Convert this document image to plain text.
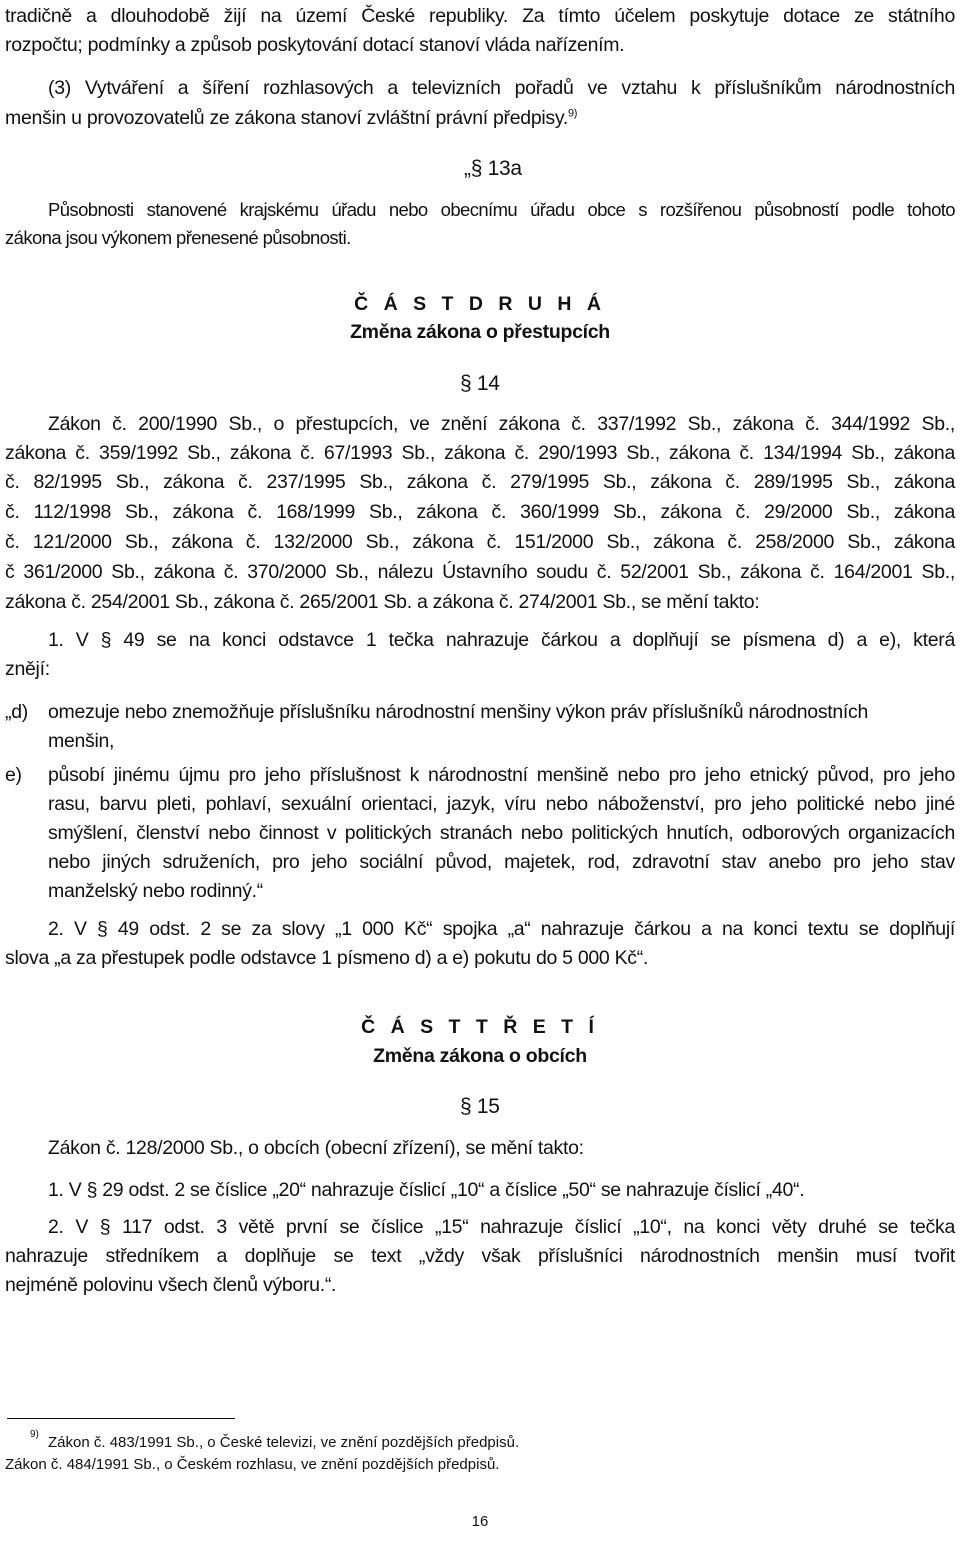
tradičně a dlouhodobě žijí na území České republiky. Za tímto účelem poskytuje dotace ze státního
rozpočtu; podmínky a způsob poskytování dotací stanoví vláda nařízením.
(3) Vytváření a šíření rozhlasových a televizních pořadů ve vztahu k příslušníkům národnostních
menšin u provozovatelů ze zákona stanoví zvláštní právní předpisy.$^{9)}$
„§ 13a
Působnosti stanovené krajskému úřadu nebo obecnímu úřadu obce s rozšířenou působností podle tohoto
zákona jsou výkonem přenesené působnosti.
Č Á S T D R U H Á
Změna zákona o přestupcích
§ 14
Zákon č. 200/1990 Sb., o přestupcích, ve znění zákona č. 337/1992 Sb., zákona č. 344/1992 Sb.,
zákona č. 359/1992 Sb., zákona č. 67/1993 Sb., zákona č. 290/1993 Sb., zákona č. 134/1994 Sb., zákona
č. 82/1995 Sb., zákona č. 237/1995 Sb., zákona č. 279/1995 Sb., zákona č. 289/1995 Sb., zákona
č. 112/1998 Sb., zákona č. 168/1999 Sb., zákona č. 360/1999 Sb., zákona č. 29/2000 Sb., zákona
č. 121/2000 Sb., zákona č. 132/2000 Sb., zákona č. 151/2000 Sb., zákona č. 258/2000 Sb., zákona
č 361/2000 Sb., zákona č. 370/2000 Sb., nálezu Ústavního soudu č. 52/2001 Sb., zákona č. 164/2001 Sb.,
zákona č. 254/2001 Sb., zákona č. 265/2001 Sb. a zákona č. 274/2001 Sb., se mění takto:
1. V § 49 se na konci odstavce 1 tečka nahrazuje čárkou a doplňují se písmena d) a e), která
znějí:
„d) omezuje nebo znemožňuje příslušníku národnostní menšiny výkon práv příslušníků národnostních
menšin,
e) působí jinému újmu pro jeho příslušnost k národnostní menšině nebo pro jeho etnický původ, pro jeho
rasu, barvu pleti, pohlaví, sexuální orientaci, jazyk, víru nebo náboženství, pro jeho politické nebo jiné
smýšlení, členství nebo činnost v politických stranách nebo politických hnutích, odborových organizacích
nebo jiných sdruženích, pro jeho sociální původ, majetek, rod, zdravotní stav anebo pro jeho stav
manželský nebo rodinný.“
2. V § 49 odst. 2 se za slovy „1 000 Kč“ spojka „a“ nahrazuje čárkou a na konci textu se doplňují
slova „a za přestupek podle odstavce 1 písmeno d) a e) pokutu do 5 000 Kč“.
Č Á S T T Ř E T Í
Změna zákona o obcích
§ 15
Zákon č. 128/2000 Sb., o obcích (obecní zřízení), se mění takto:
1. V § 29 odst. 2 se číslice „20“ nahrazuje číslicí „10“ a číslice „50“ se nahrazuje číslicí „40“.
2. V § 117 odst. 3 větě první se číslice „15“ nahrazuje číslicí „10“, na konci věty druhé se tečka
nahrazuje středníkem a doplňuje se text „vždy však příslušníci národnostních menšin musí tvořit
nejméně polovinu všech členů výboru.“.
9) Zákon č. 483/1991 Sb., o České televizi, ve znění pozdějších předpisů.
Zákon č. 484/1991 Sb., o Českém rozhlasu, ve znění pozdějších předpisů.
16
